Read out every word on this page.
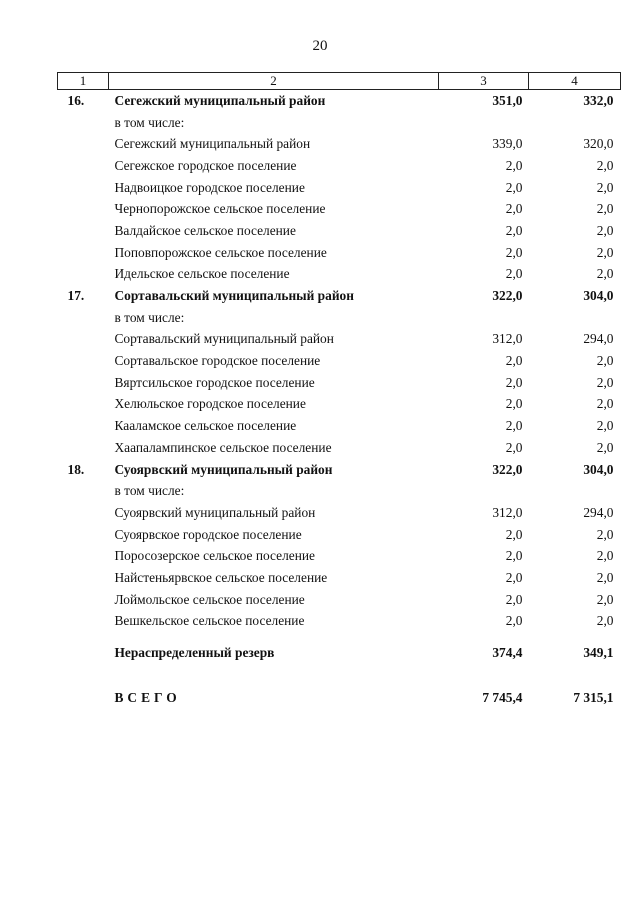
20
1	2	3	4
16.	Сегежский муниципальный район	351,0	332,0
	в том числе:		
	Сегежский муниципальный район	339,0	320,0
	Сегежское городское поселение	2,0	2,0
	Надвоицкое городское поселение	2,0	2,0
	Чернопорожское сельское поселение	2,0	2,0
	Валдайское сельское поселение	2,0	2,0
	Поповпорожское сельское поселение	2,0	2,0
	Идельское сельское поселение	2,0	2,0
17.	Сортавальский муниципальный район	322,0	304,0
	в том числе:		
	Сортавальский муниципальный район	312,0	294,0
	Сортавальское городское поселение	2,0	2,0
	Вяртсильское городское поселение	2,0	2,0
	Хелюльское городское поселение	2,0	2,0
	Кааламское сельское поселение	2,0	2,0
	Хаапалампинское сельское поселение	2,0	2,0
18.	Суоярвский муниципальный район	322,0	304,0
	в том числе:		
	Суоярвский муниципальный район	312,0	294,0
	Суоярвское городское поселение	2,0	2,0
	Поросозерское сельское поселение	2,0	2,0
	Найстеньярвское сельское поселение	2,0	2,0
	Лоймольское сельское поселение	2,0	2,0
	Вешкельское сельское поселение	2,0	2,0

	Нераспределенный резерв	374,4	349,1

	ВСЕГО	7 745,4	7 315,1
